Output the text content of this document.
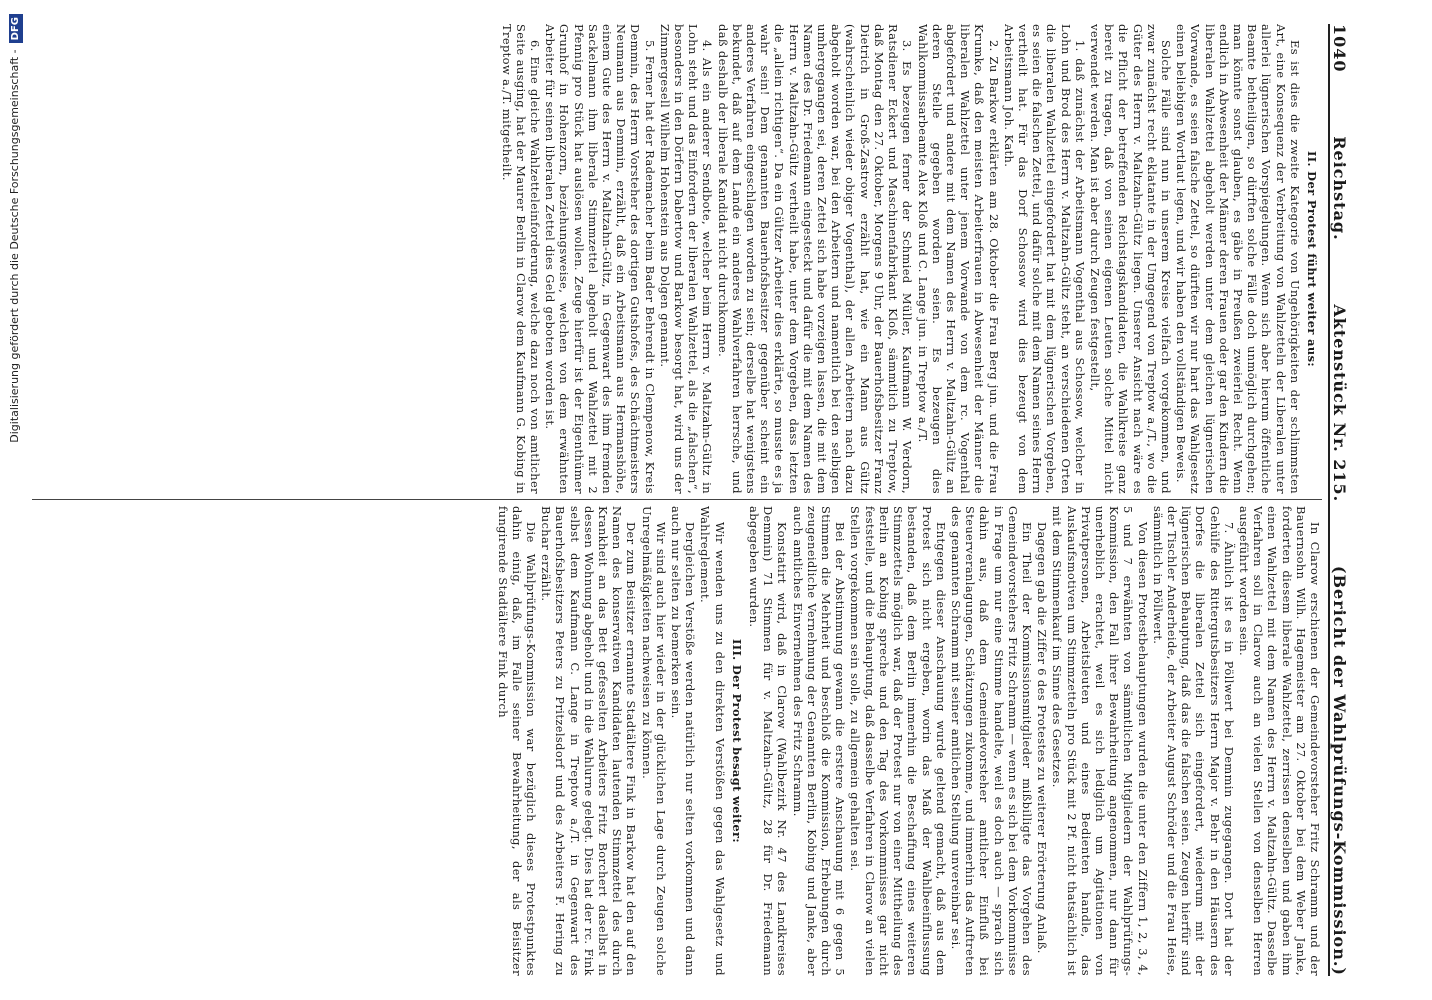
1040
Reichstag.
Aktenstück Nr. 215.
(Bericht der Wahlprüfungs-Kommission.)

II. Der Protest führt weiter aus:

Es ist dies die zweite Kategorie von Ungehörigkeiten der schlimmsten Art, eine Konsequenz der Verbreitung von Wahlzetteln der Liberalen unter allerlei lügnerischen Vorspiegelungen. Wenn sich aber hierum öffentliche Beamte betheiligen, so dürften solche Fälle doch unmöglich durchgehen; man könnte sonst glauben, es gäbe in Preußen zweierlei Recht. Wenn endlich in Abwesenheit der Männer deren Frauen oder gar den Kindern die liberalen Wahlzettel abgeholt werden unter dem gleichen lügnerischen Vorwande, es seien falsche Zettel, so dürften wir nur hart das Wahlgesetz einen beliebigen Wortlaut legen, und wir haben den vollständigen Beweis.

Solche Fälle sind nun in unserem Kreise vielfach vorgekommen, und zwar zunächst recht eklatante in der Umgegend von Treptow a./T., wo die Güter des Herrn v. Maltzahn-Gültz liegen. Unserer Ansicht nach wäre es die Pflicht der betreffenden Reichstagskandidaten, die Wahlkreise ganz bereit zu tragen, daß von seinen eigenen Leuten solche Mittel nicht verwendet werden. Man ist aber durch Zeugen festgestellt,

1. daß zunächst der Arbeitsmann Vogenthal aus Schossow, welcher in Lohn und Brod des Herrn v. Maltzahn-Gültz steht, an verschiedenen Orten die liberalen Wahlzettel eingefordert hat mit dem lügnerischen Vorgeben, es seien die falschen Zettel, und dafür solche mit dem Namen seines Herrn vertheilt hat. Für das Dorf Schossow wird dies bezeugt von dem Arbeitsmann Joh. Kath.

2. Zu Barkow erklärten am 28. Oktober die Frau Berg jun. und die Frau Krumke, daß den meisten Arbeiterfrauen in Abwesenheit der Männer die liberalen Wahlzettel unter jenem Vorwande von dem rc. Vogenthal abgefordert und andere mit dem Namen des Herrn v. Maltzahn-Gültz an deren Stelle gegeben worden seien. Es bezeugen dies Wahlkommissarbeamte Alex Kloß und C. Lange jun. in Treptow a./T.

3. Es bezeugen ferner der Schmied Müller, Kaufmann W. Verdorn, Ratsdiener Eckert und Maschinenfabrikant Kloß, sämmtlich zu Treptow, daß Montag den 27. Oktober, Morgens 9 Uhr, der Bauerhofsbesitzer Franz Dietrich in Groß-Zastrow erzählt hat, wie ein Mann aus Gültz (wahrscheinlich wieder obiger Vogenthal), der allen Arbeitern nach dazu abgeholt worden war, bei den Arbeitern und namentlich bei den selbigen umhergegangen sei, deren Zettel sich habe vorzeigen lassen, die mit dem Namen des Dr. Friedemann eingesteckt und dafür die mit dem Namen des Herrn v. Maltzahn-Gültz vertheilt habe, unter dem Vorgeben, dass letzten die „allein richtigen“. Da ein Gültzer Arbeiter dies erklärte, so musste es ja wahr sein! Dem genannten Bauerhofsbesitzer gegenüber scheint ein anderes Verfahren eingeschlagen worden zu sein; derselbe hat wenigstens bekundet, daß auf dem Lande ein anderes Wahlverfahren herrsche, und daß deshalb der liberale Kandidat nicht durchkomme.

4. Als ein anderer Sendbote, welcher beim Herrn v. Maltzahn-Gültz in Lohn steht und das Einfordern der liberalen Wahlzettel, als die „falschen“, besonders in den Dörfern Dabertow und Barkow besorgt hat, wird uns der Zimmergesell Wilhelm Hohenstein aus Dolgen genannt.

5. Ferner hat der Rademacher beim Bader Behrendt in Clempenow, Kreis Demmin, des Herrn Vorsteher des dortigen Gutshofes, des Schächtmeisters Neumann aus Demmin, erzählt, daß ein Arbeitsmann aus Hermanshöhe, einem Gute des Herrn v. Maltzahn-Gültz, in Gegenwart des ihm fremden Sackelmann ihm liberale Stimmzettel abgeholt und Wahlzettel mit 2 Pfennig pro Stück hat auslösen wollen. Zeuge hierfür ist der Eigenthümer Grunhof in Hohenzorn, beziehungsweise, welchen von dem erwähnten Arbeiter für seinen liberalen Zettel dies Geld geboten worden ist.

6. Eine gleiche Wahlzetteleinforderung, welche dazu noch von amtlicher Seite ausging, hat der Maurer Berlin in Clarow dem Kaufmann G. Kobing in Treptow a./T. mitgetheilt.

In Clarow erschienen der Gemeindevorsteher Fritz Schramm und der Bauernsohn Wilh. Hagemeister am 27. Oktober bei dem Weber Janke, forderten diesem liberale Wahlzettel, zerrissen denselben und gaben ihm einen Wahlzettel mit dem Namen des Herrn v. Maltzahn-Gültz. Dasselbe Verfahren soll in Clarow auch an vielen Stellen von denselben Herren ausgeführt worden sein.

7. Ähnlich ist es in Pöllwert bei Demmin zugegangen. Dort hat der Gehülfe des Rittergutsbesitzers Herrn Major v. Behr in den Häusern des Dorfes die liberalen Zettel sich eingefordert, wiederum mit der lügnerischen Behauptung, daß das die falschen seien. Zeugen hierfür sind der Tischler Anderheide, der Arbeiter August Schröder und die Frau Heise, sämmtlich in Pöllwert.

Von diesen Protestbehauptungen wurden die unter den Ziffern 1, 2, 3, 4, 5 und 7 erwähnten von sämmtlichen Mitgliedern der Wahlprüfungs-Kommission, den Fall ihrer Bewahrheitung angenommen, nur dann für unerheblich erachtet, weil es sich lediglich um Agitationen von Privatpersonen, Arbeitsleuten und eines Bedienten handle, das Auskaufsmotiven um Stimmzetteln pro Stück mit 2 Pf. nicht thatsächlich ist mit dem Stimmenkauf im Sinne des Gesetzes.

Dagegen gab die Ziffer 6 des Protestes zu weiterer Erörterung Anlaß.

Ein Theil der Kommissionsmitglieder mißbilligte das Vorgehen des Gemeindevorstehers Fritz Schramm — wenn es sich bei dem Vorkommnisse in Frage um nur eine Stimme handelte, weil es doch auch — sprach sich dahin aus, daß dem Gemeindevorsteher amtlicher Einfluß bei Steuerveranlagungen, Schätzungen zukomme, und immerhin das Auftreten des genannten Schramm mit seiner amtlichen Stellung unvereinbar sei.

Entgegen dieser Anschauung wurde geltend gemacht, daß aus dem Protest sich nicht ergeben, worin das Maß der Wahlbeeinflussung bestanden, daß dem Berlin immerhin die Beschaffung eines weiteren Stimmzettels möglich war, daß der Protest nur von einer Mittheilung des Berlin an Kobing spreche und den Tag des Vorkommnisses gar nicht feststelle, und die Behauptung, daß dasselbe Verfahren in Clarow an vielen Stellen vorgekommen sein solle, zu allgemein gehalten sei.

Bei der Abstimmung gewann die erstere Anschauung mit 6 gegen 5 Stimmen die Mehrheit und beschloß die Kommission, Erhebungen durch zeugeneidliche Vernehmung der Genannten Berlin, Kobing und Janke, aber auch amtliches Einvernehmen des Fritz Schramm.

Konstatirt wird, daß in Clarow (Wahlbezirk Nr. 47 des Landkreises Demmin) 71 Stimmen für v. Maltzahn-Gültz, 28 für Dr. Friedemann abgegeben wurden.

III. Der Protest besagt weiter:

Wir wenden uns zu den direkten Verstößen gegen das Wahlgesetz und Wahlreglement.

Dergleichen Verstöße werden natürlich nur selten vorkommen und dann auch nur selten zu bemerken sein.

Wir sind auch hier wieder in der glücklichen Lage durch Zeugen solche Unregelmäßigkeiten nachweisen zu können.

Der zum Beisitzer ernannte Stadtältere Fink in Barkow hat den auf den Namen des konservativen Kandidaten lautenden Stimmzettel des durch Krankheit an das Bett gefesselten Arbeiters Fritz Borchert daselbst in dessen Wohnung abgeholt und in die Wahlurne gelegt. Dies hat der rc. Fink selbst dem Kaufmann C. Lange in Treptow a./T. in Gegenwart des Bauerhofsbesitzers Peters zu Pritzelsdorf und des Arbeiters F. Hering zu Buchar erzählt.

Die Wahlprüfungs-Kommission war bezüglich dieses Protestpunktes dahin einig, daß, im Falle seiner Bewahrheitung, der als Beisitzer fungirende Stadtältere Fink durch

Digitalisierung gefördert durch die Deutsche Forschungsgemeinschaft -DFG
